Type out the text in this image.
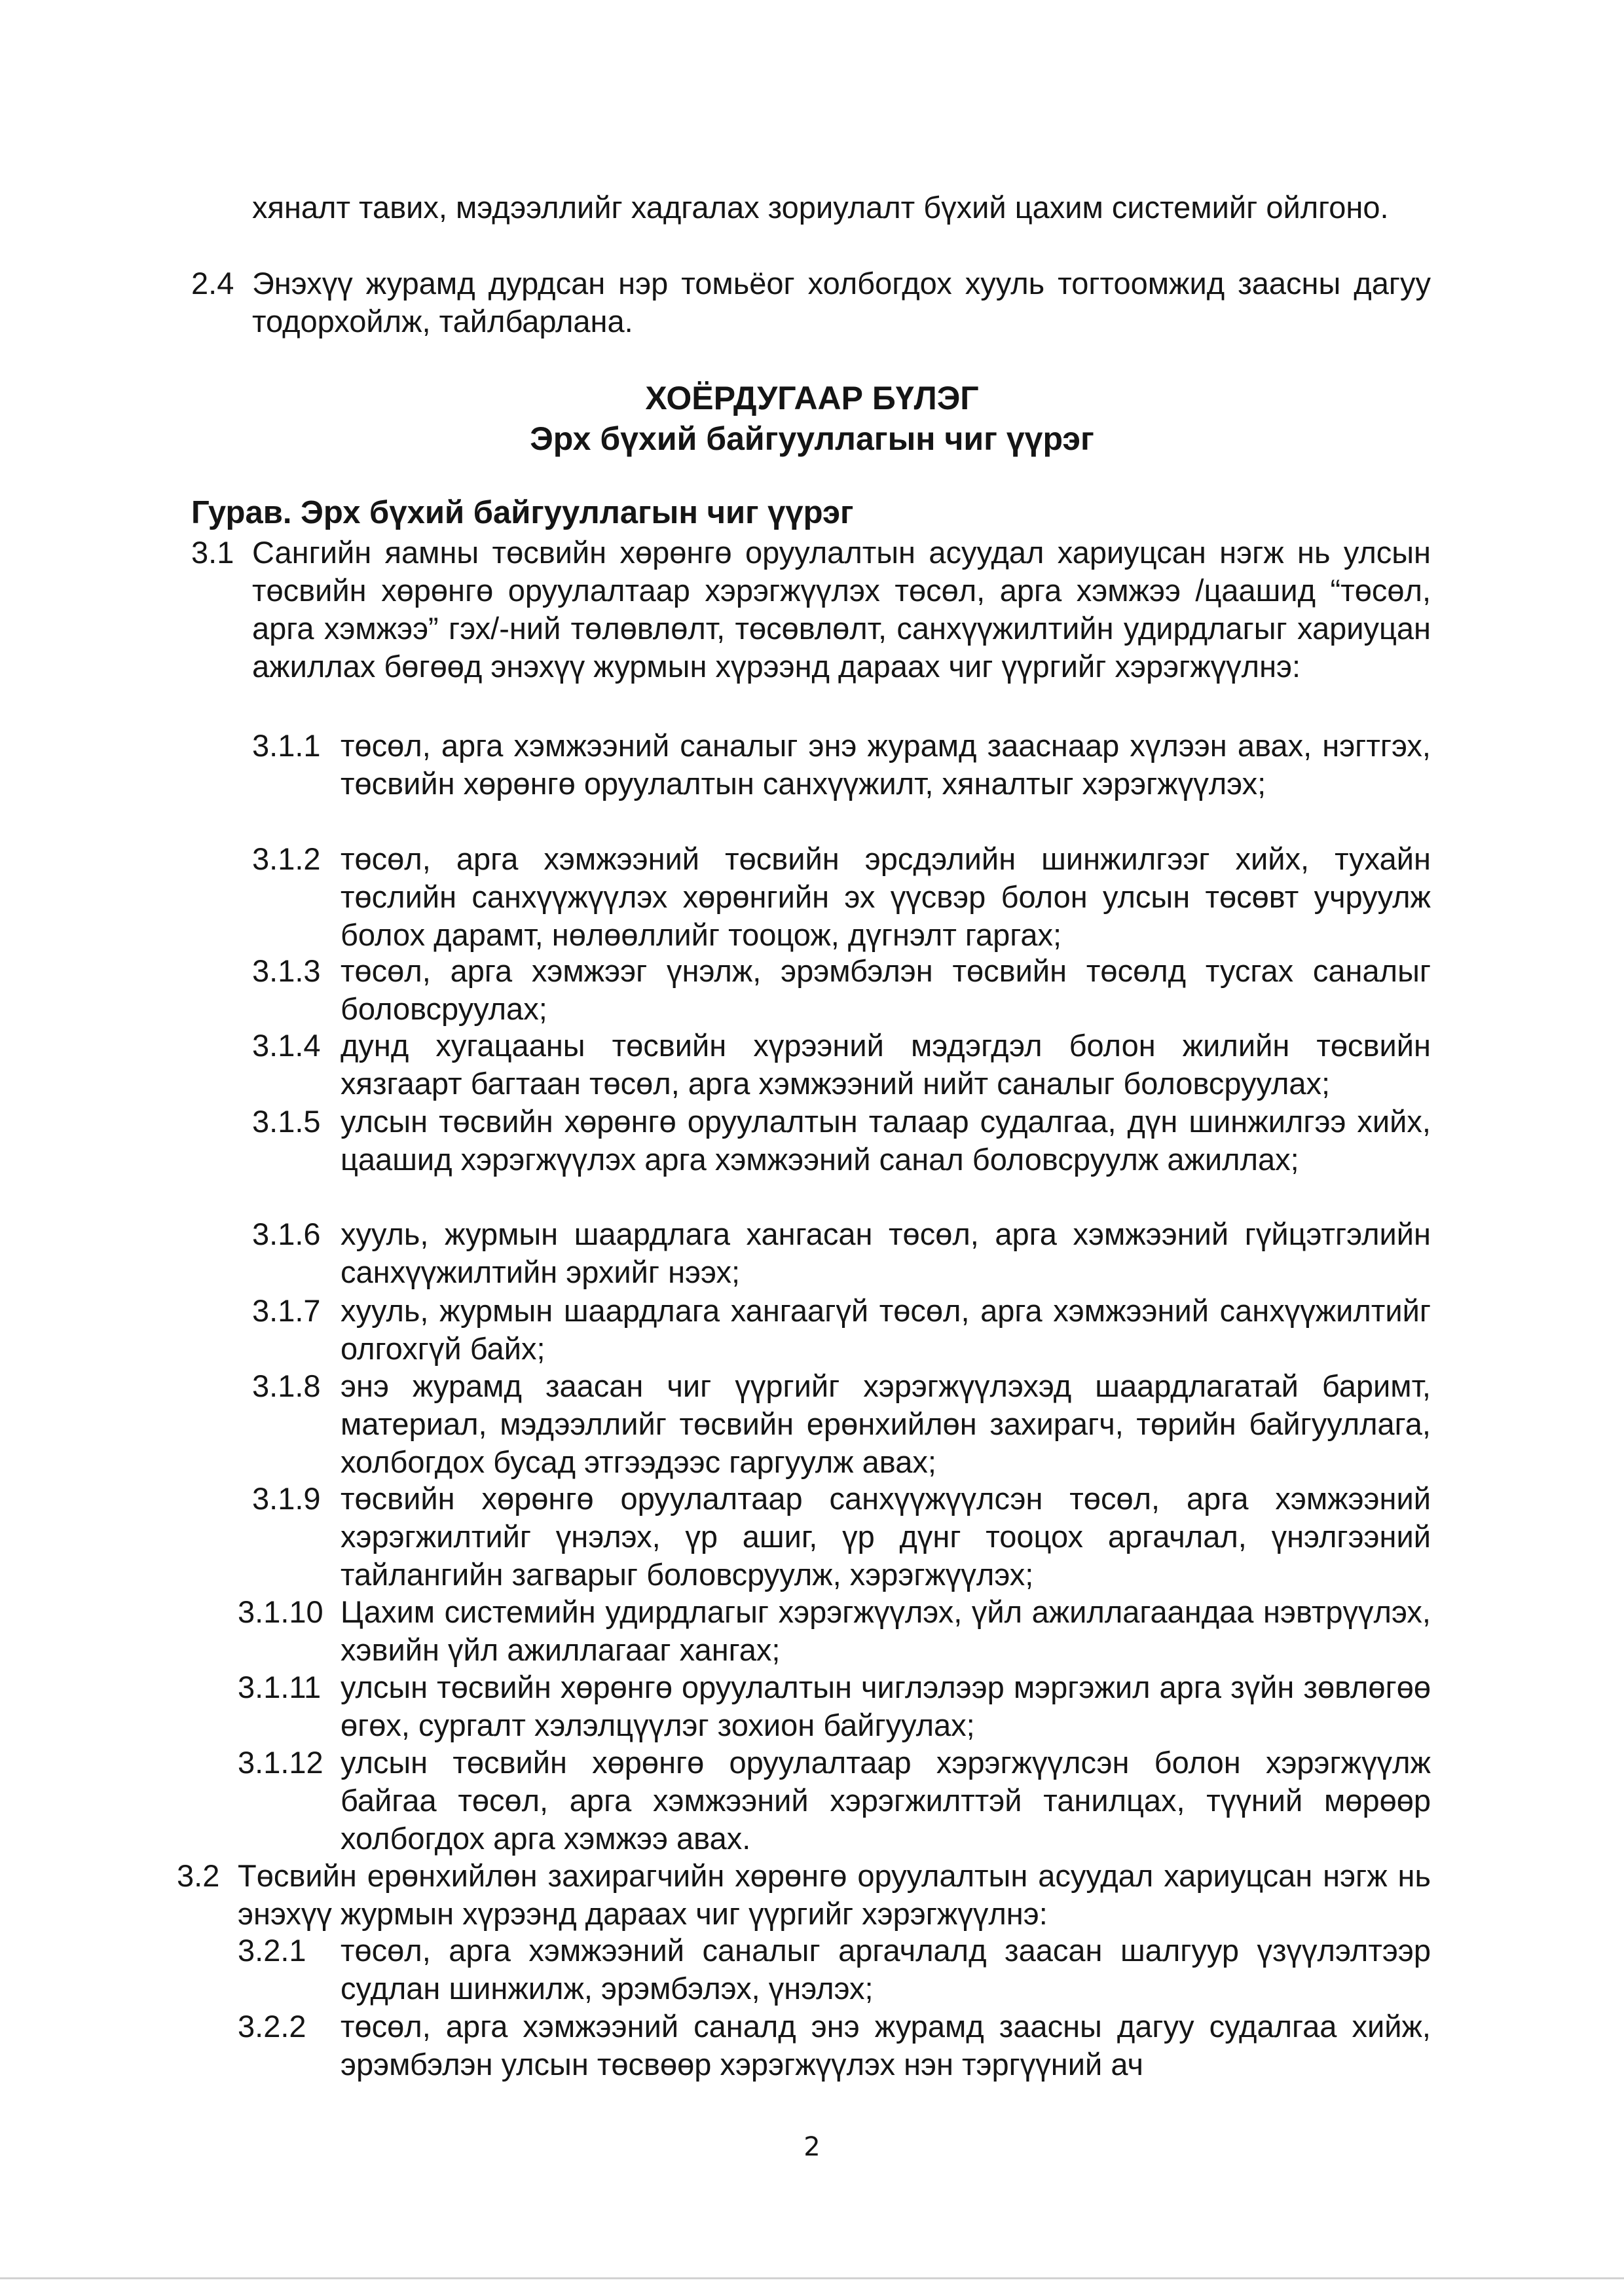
хяналт тавих, мэдээллийг хадгалах зориулалт бүхий цахим системийг ойлгоно.
2.4 Энэхүү журамд дурдсан нэр томьёог холбогдох хууль тогтоомжид заасны дагуу тодорхойлж, тайлбарлана.
ХОЁРДУГААР БҮЛЭГ
Эрх бүхий байгууллагын чиг үүрэг
Гурав. Эрх бүхий байгууллагын чиг үүрэг
3.1 Сангийн яамны төсвийн хөрөнгө оруулалтын асуудал хариуцсан нэгж нь улсын төсвийн хөрөнгө оруулалтаар хэрэгжүүлэх төсөл, арга хэмжээ /цаашид “төсөл, арга хэмжээ” гэх/-ний төлөвлөлт, төсөвлөлт, санхүүжилтийн удирдлагыг хариуцан ажиллах бөгөөд энэхүү журмын хүрээнд дараах чиг үүргийг хэрэгжүүлнэ:
3.1.1 төсөл, арга хэмжээний саналыг энэ журамд зааснаар хүлээн авах, нэгтгэх, төсвийн хөрөнгө оруулалтын санхүүжилт, хяналтыг хэрэгжүүлэх;
3.1.2 төсөл, арга хэмжээний төсвийн эрсдэлийн шинжилгээг хийх, тухайн төслийн санхүүжүүлэх хөрөнгийн эх үүсвэр болон улсын төсөвт учруулж болох дарамт, нөлөөллийг тооцож, дүгнэлт гаргах;
3.1.3 төсөл, арга хэмжээг үнэлж, эрэмбэлэн төсвийн төсөлд тусгах саналыг боловсруулах;
3.1.4 дунд хугацааны төсвийн хүрээний мэдэгдэл болон жилийн төсвийн хязгаарт багтаан төсөл, арга хэмжээний нийт саналыг боловсруулах;
3.1.5 улсын төсвийн хөрөнгө оруулалтын талаар судалгаа, дүн шинжилгээ хийх, цаашид хэрэгжүүлэх арга хэмжээний санал боловсруулж ажиллах;
3.1.6 хууль, журмын шаардлага хангасан төсөл, арга хэмжээний гүйцэтгэлийн санхүүжилтийн эрхийг нээх;
3.1.7 хууль, журмын шаардлага хангаагүй төсөл, арга хэмжээний санхүүжилтийг олгохгүй байх;
3.1.8 энэ журамд заасан чиг үүргийг хэрэгжүүлэхэд шаардлагатай баримт, материал, мэдээллийг төсвийн ерөнхийлөн захирагч, төрийн байгууллага, холбогдох бусад этгээдээс гаргуулж авах;
3.1.9 төсвийн хөрөнгө оруулалтаар санхүүжүүлсэн төсөл, арга хэмжээний хэрэгжилтийг үнэлэх, үр ашиг, үр дүнг тооцох аргачлал, үнэлгээний тайлангийн загварыг боловсруулж, хэрэгжүүлэх;
3.1.10 Цахим системийн удирдлагыг хэрэгжүүлэх, үйл ажиллагаандаа нэвтрүүлэх, хэвийн үйл ажиллагааг хангах;
3.1.11 улсын төсвийн хөрөнгө оруулалтын чиглэлээр мэргэжил арга зүйн зөвлөгөө өгөх, сургалт хэлэлцүүлэг зохион байгуулах;
3.1.12 улсын төсвийн хөрөнгө оруулалтаар хэрэгжүүлсэн болон хэрэгжүүлж байгаа төсөл, арга хэмжээний хэрэгжилттэй танилцах, түүний мөрөөр холбогдох арга хэмжээ авах.
3.2 Төсвийн ерөнхийлөн захирагчийн хөрөнгө оруулалтын асуудал хариуцсан нэгж нь энэхүү журмын хүрээнд дараах чиг үүргийг хэрэгжүүлнэ:
3.2.1 төсөл, арга хэмжээний саналыг аргачлалд заасан шалгуур үзүүлэлтээр судлан шинжилж, эрэмбэлэх, үнэлэх;
3.2.2 төсөл, арга хэмжээний саналд энэ журамд заасны дагуу судалгаа хийж, эрэмбэлэн улсын төсвөөр хэрэгжүүлэх нэн тэргүүний ач
2
